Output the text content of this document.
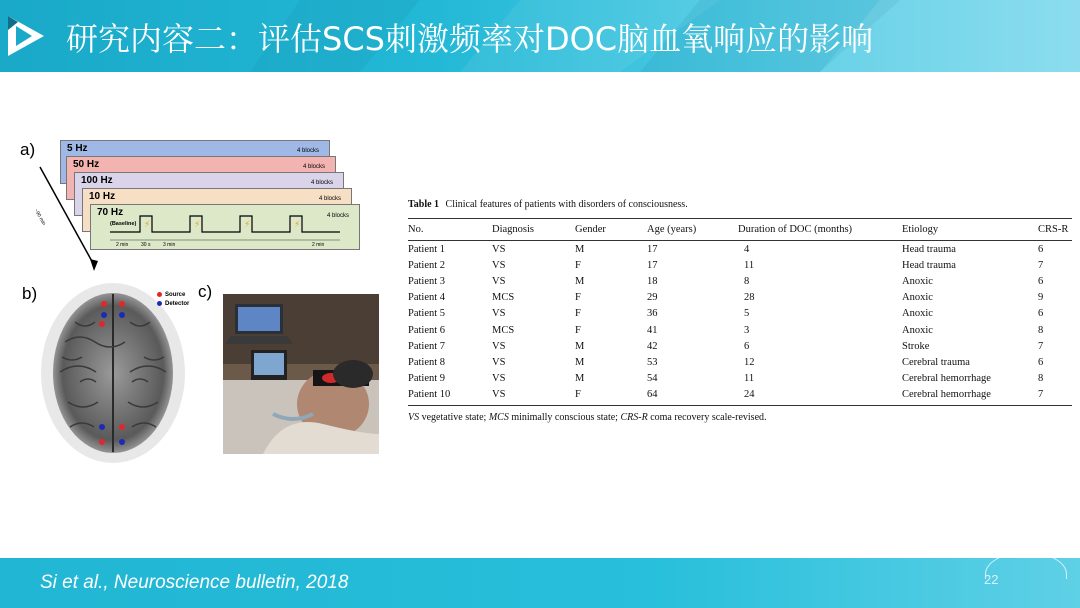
研究内容二：评估SCS刺激频率对DOC脑血氧响应的影响
a)	5 Hz	4 blocks
50 Hz	4 blocks
100 Hz	4 blocks
10 Hz	4 blocks
70 Hz	4 blocks
⚡	⚡	⚡	⚡
(Baseline)
2 min	30 s	3 min	2 min
~90 min
b)	Source
Detector
c)
Table 1 Clinical features of patients with disorders of consciousness.
No.	Diagnosis	Gender	Age (years)	Duration of DOC (months)	Etiology	CRS-R
Patient 1	VS	M	17	4	Head trauma	6
Patient 2	VS	F	17	11	Head trauma	7
Patient 3	VS	M	18	8	Anoxic	6
Patient 4	MCS	F	29	28	Anoxic	9
Patient 5	VS	F	36	5	Anoxic	6
Patient 6	MCS	F	41	3	Anoxic	8
Patient 7	VS	M	42	6	Stroke	7
Patient 8	VS	M	53	12	Cerebral trauma	6
Patient 9	VS	M	54	11	Cerebral hemorrhage	8
Patient 10	VS	F	64	24	Cerebral hemorrhage	7
VS vegetative state; MCS minimally conscious state; CRS-R coma recovery scale-revised.
Si et al., Neuroscience bulletin, 2018	22
